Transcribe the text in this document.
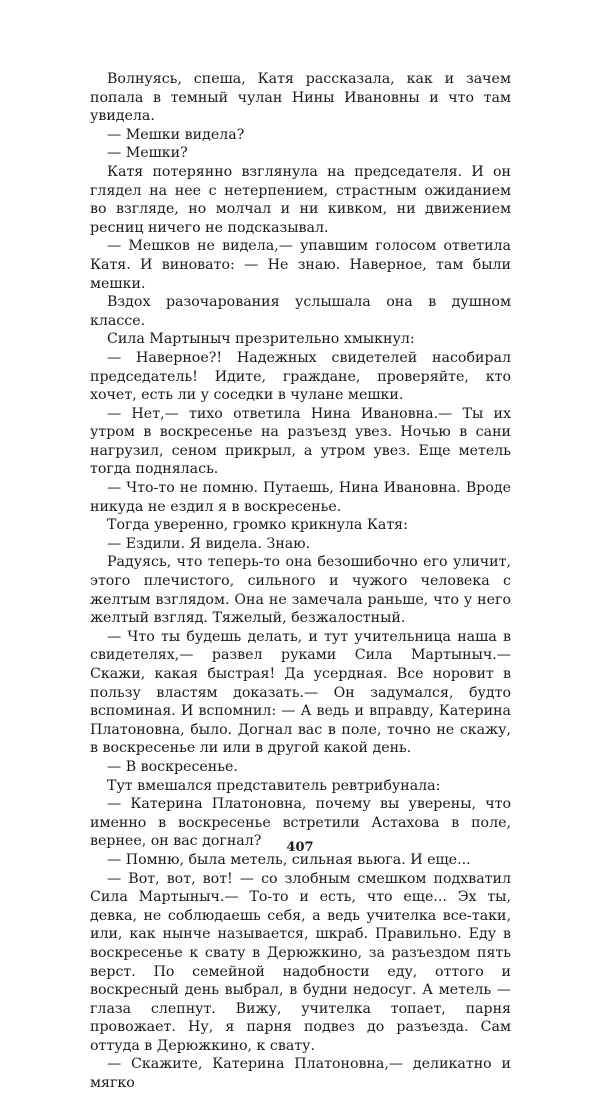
Волнуясь, спеша, Катя рассказала, как и зачем попала в темный чулан Нины Ивановны и что там увидела.

— Мешки видела?

— Мешки?

Катя потерянно взглянула на председателя. И он глядел на нее с нетерпением, страстным ожиданием во взгляде, но молчал и ни кивком, ни движением ресниц ничего не подсказывал.

— Мешков не видела,— упавшим голосом ответила Катя. И виновато: — Не знаю. Наверное, там были мешки.

Вздох разочарования услышала она в душном классе.

Сила Мартыныч презрительно хмыкнул:

— Наверное?! Надежных свидетелей насобирал председатель! Идите, граждане, проверяйте, кто хочет, есть ли у соседки в чулане мешки.

— Нет,— тихо ответила Нина Ивановна.— Ты их утром в воскресенье на разъезд увез. Ночью в сани нагрузил, сеном прикрыл, а утром увез. Еще метель тогда поднялась.

— Что-то не помню. Путаешь, Нина Ивановна. Вроде никуда не ездил я в воскресенье.

Тогда уверенно, громко крикнула Катя:

— Ездили. Я видела. Знаю.

Радуясь, что теперь-то она безошибочно его уличит, этого плечистого, сильного и чужого человека с желтым взглядом. Она не замечала раньше, что у него желтый взгляд. Тяжелый, безжалостный.

— Что ты будешь делать, и тут учительница наша в свидетелях,— развел руками Сила Мартыныч.— Скажи, какая быстрая! Да усердная. Все норовит в пользу властям доказать.— Он задумался, будто вспоминая. И вспомнил: — А ведь и вправду, Катерина Платоновна, было. Догнал вас в поле, точно не скажу, в воскресенье ли или в другой какой день.

— В воскресенье.

Тут вмешался представитель ревтрибунала:

— Катерина Платоновна, почему вы уверены, что именно в воскресенье встретили Астахова в поле, вернее, он вас догнал?

— Помню, была метель, сильная вьюга. И еще...

— Вот, вот, вот! — со злобным смешком подхватил Сила Мартыныч.— То-то и есть, что еще... Эх ты, девка, не соблюдаешь себя, а ведь учителка все-таки, или, как нынче называется, шкраб. Правильно. Еду в воскресенье к свату в Дерюжкино, за разъездом пять верст. По семейной надобности еду, оттого и воскресный день выбрал, в будни недосуг. А метель — глаза слепнут. Вижу, учителка топает, парня провожает. Ну, я парня подвез до разъезда. Сам оттуда в Дерюжкино, к свату.

— Скажите, Катерина Платоновна,— деликатно и мягко

407
